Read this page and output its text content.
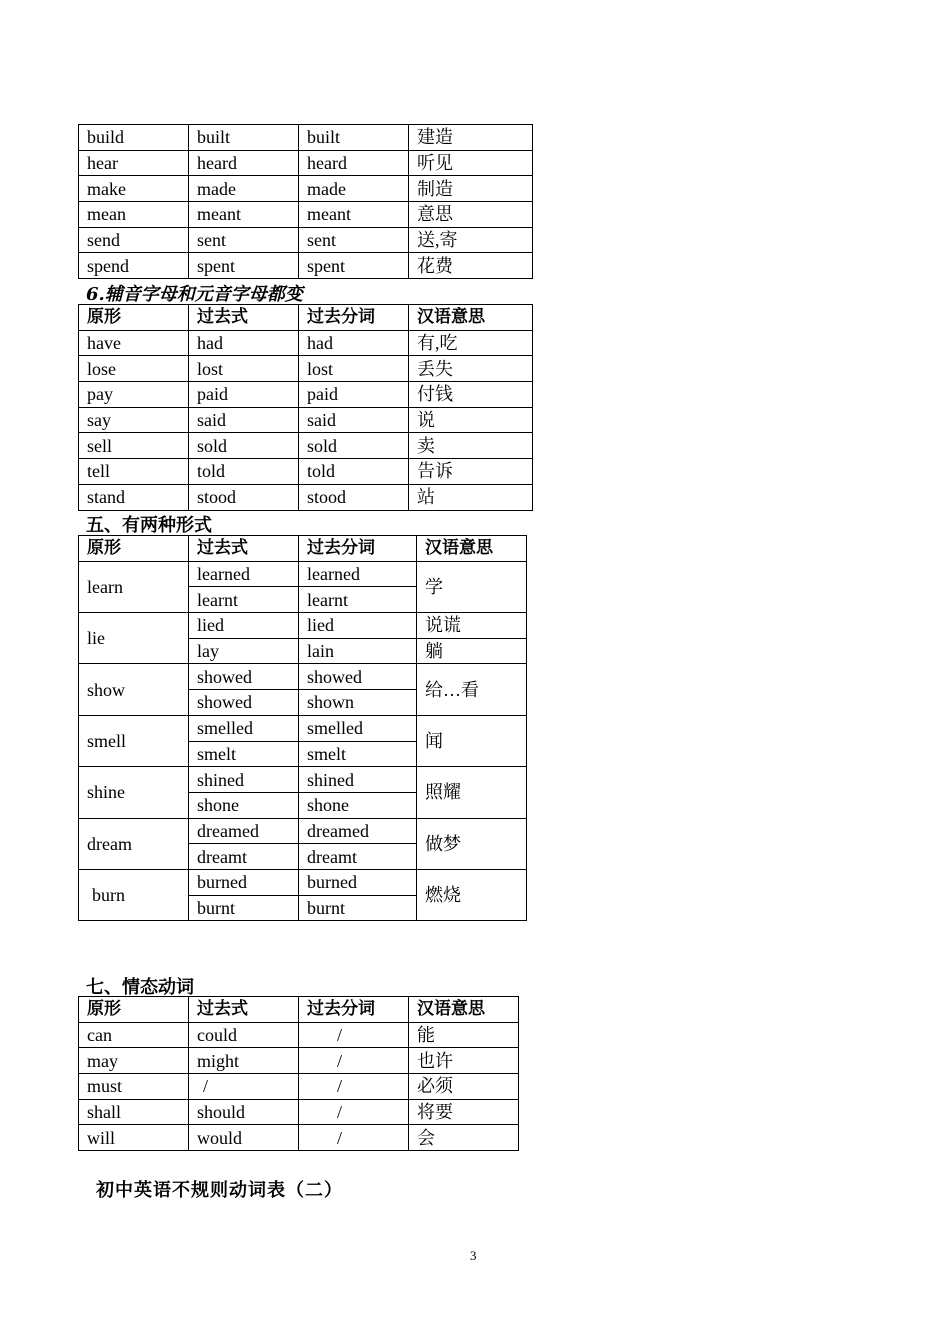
build	built	built	建造
hear	heard	heard	听见
make	made	made	制造
mean	meant	meant	意思
send	sent	sent	送,寄
spend	spent	spent	花费
6.辅音字母和元音字母都变
原形	过去式	过去分词	汉语意思
have	had	had	有,吃
lose	lost	lost	丢失
pay	paid	paid	付钱
say	said	said	说
sell	sold	sold	卖
tell	told	told	告诉
stand	stood	stood	站
五、有两种形式
原形	过去式	过去分词	汉语意思
learn	learned	learned	学
	learnt	learnt	
lie	lied	lied	说谎
	lay	lain	躺
show	showed	showed	给…看
	showed	shown	
smell	smelled	smelled	闻
	smelt	smelt	
shine	shined	shined	照耀
	shone	shone	
dream	dreamed	dreamed	做梦
	dreamt	dreamt	
burn	burned	burned	燃烧
	burnt	burnt	
七、情态动词
原形	过去式	过去分词	汉语意思
can	could	/	能
may	might	/	也许
must	/	/	必须
shall	should	/	将要
will	would	/	会
初中英语不规则动词表（二）
3
